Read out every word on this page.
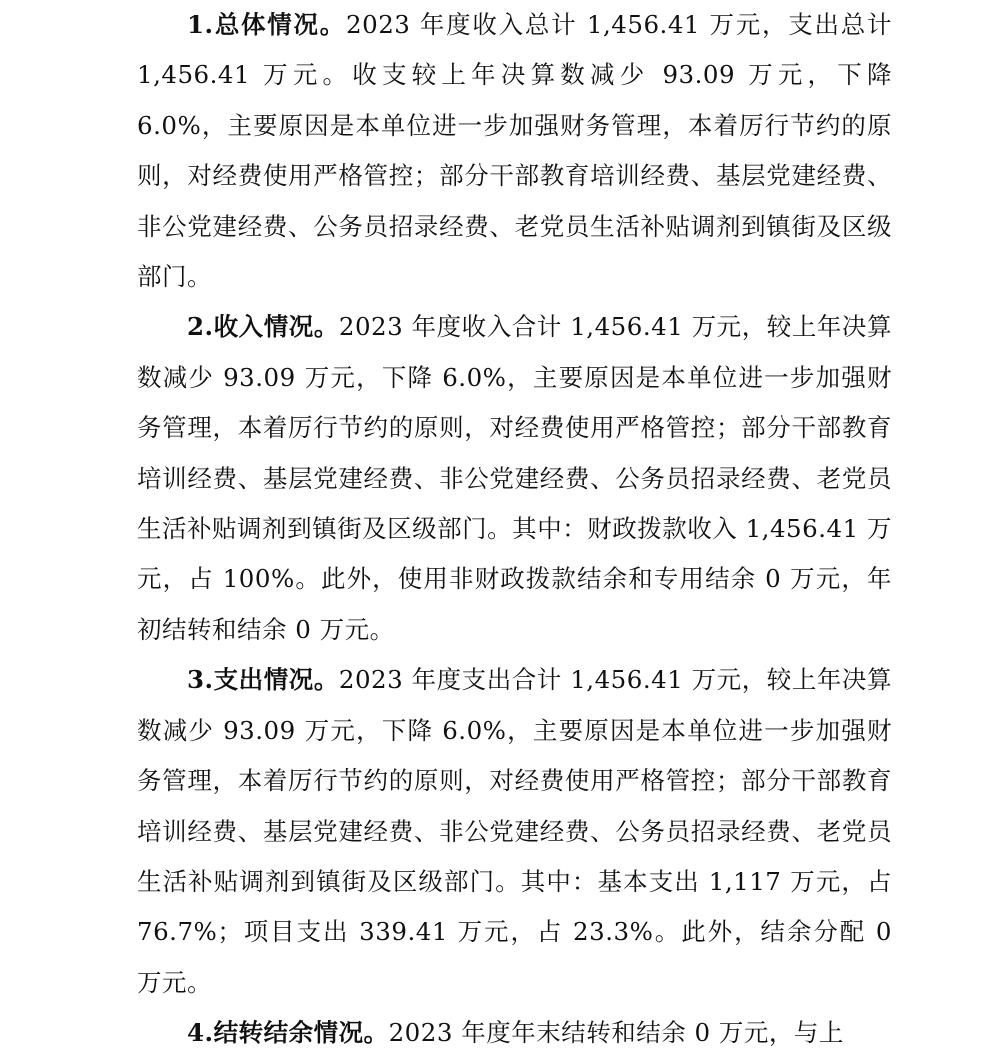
1.总体情况。2023 年度收入总计 1,456.41 万元，支出总计 1,456.41 万元。收支较上年决算数减少 93.09 万元，下降 6.0%，主要原因是本单位进一步加强财务管理，本着厉行节约的原则，对经费使用严格管控；部分干部教育培训经费、基层党建经费、非公党建经费、公务员招录经费、老党员生活补贴调剂到镇街及区级部门。

2.收入情况。2023 年度收入合计 1,456.41 万元，较上年决算数减少 93.09 万元，下降 6.0%，主要原因是本单位进一步加强财务管理，本着厉行节约的原则，对经费使用严格管控；部分干部教育培训经费、基层党建经费、非公党建经费、公务员招录经费、老党员生活补贴调剂到镇街及区级部门。其中：财政拨款收入 1,456.41 万元，占 100%。此外，使用非财政拨款结余和专用结余 0 万元，年初结转和结余 0 万元。

3.支出情况。2023 年度支出合计 1,456.41 万元，较上年决算数减少 93.09 万元，下降 6.0%，主要原因是本单位进一步加强财务管理，本着厉行节约的原则，对经费使用严格管控；部分干部教育培训经费、基层党建经费、非公党建经费、公务员招录经费、老党员生活补贴调剂到镇街及区级部门。其中：基本支出 1,117 万元，占 76.7%；项目支出 339.41 万元，占 23.3%。此外，结余分配 0 万元。

4.结转结余情况。2023 年度年末结转和结余 0 万元，与上
